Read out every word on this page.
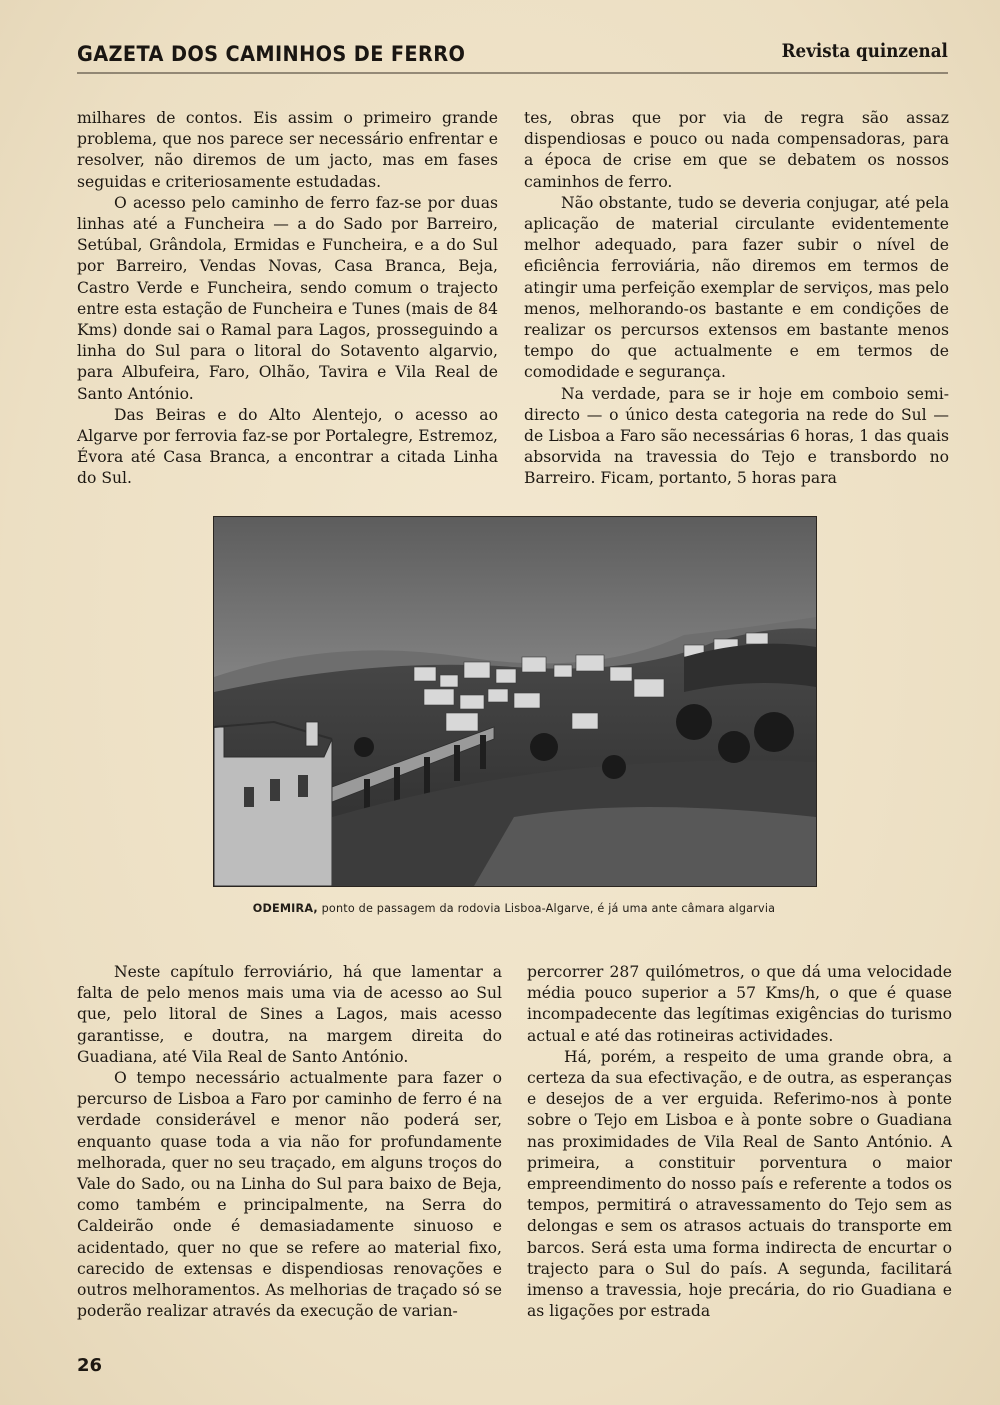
GAZETA DOS CAMINHOS DE FERRO	Revista quinzenal

milhares de contos. Eis assim o primeiro grande problema, que nos parece ser necessário enfrentar e resolver, não diremos de um jacto, mas em fases seguidas e criteriosamente estudadas.

O acesso pelo caminho de ferro faz-se por duas linhas até a Funcheira — a do Sado por Barreiro, Setúbal, Grândola, Ermidas e Funcheira, e a do Sul por Barreiro, Vendas Novas, Casa Branca, Beja, Castro Verde e Funcheira, sendo comum o trajecto entre esta estação de Funcheira e Tunes (mais de 84 Kms) donde sai o Ramal para Lagos, prosseguindo a linha do Sul para o litoral do Sotavento algarvio, para Albufeira, Faro, Olhão, Tavira e Vila Real de Santo António.

Das Beiras e do Alto Alentejo, o acesso ao Algarve por ferrovia faz-se por Portalegre, Estremoz, Évora até Casa Branca, a encontrar a citada Linha do Sul.

tes, obras que por via de regra são assaz dispendiosas e pouco ou nada compensadoras, para a época de crise em que se debatem os nossos caminhos de ferro.

Não obstante, tudo se deveria conjugar, até pela aplicação de material circulante evidentemente melhor adequado, para fazer subir o nível de eficiência ferroviária, não diremos em termos de atingir uma perfeição exemplar de serviços, mas pelo menos, melhorando-os bastante e em condições de realizar os percursos extensos em bastante menos tempo do que actualmente e em termos de comodidade e segurança.

Na verdade, para se ir hoje em comboio semi-directo — o único desta categoria na rede do Sul — de Lisboa a Faro são necessárias 6 horas, 1 das quais absorvida na travessia do Tejo e transbordo no Barreiro. Ficam, portanto, 5 horas para

ODEMIRA, ponto de passagem da rodovia Lisboa-Algarve, é já uma ante câmara algarvia

Neste capítulo ferroviário, há que lamentar a falta de pelo menos mais uma via de acesso ao Sul que, pelo litoral de Sines a Lagos, mais acesso garantisse, e doutra, na margem direita do Guadiana, até Vila Real de Santo António.

O tempo necessário actualmente para fazer o percurso de Lisboa a Faro por caminho de ferro é na verdade considerável e menor não poderá ser, enquanto quase toda a via não for profundamente melhorada, quer no seu traçado, em alguns troços do Vale do Sado, ou na Linha do Sul para baixo de Beja, como também e principalmente, na Serra do Caldeirão onde é demasiadamente sinuoso e acidentado, quer no que se refere ao material fixo, carecido de extensas e dispendiosas renovações e outros melhoramentos. As melhorias de traçado só se poderão realizar através da execução de varian-

percorrer 287 quilómetros, o que dá uma velocidade média pouco superior a 57 Kms/h, o que é quase incompadecente das legítimas exigências do turismo actual e até das rotineiras actividades.

Há, porém, a respeito de uma grande obra, a certeza da sua efectivação, e de outra, as esperanças e desejos de a ver erguida. Referimo-nos à ponte sobre o Tejo em Lisboa e à ponte sobre o Guadiana nas proximidades de Vila Real de Santo António. A primeira, a constituir porventura o maior empreendimento do nosso país e referente a todos os tempos, permitirá o atravessamento do Tejo sem as delongas e sem os atrasos actuais do transporte em barcos. Será esta uma forma indirecta de encurtar o trajecto para o Sul do país. A segunda, facilitará imenso a travessia, hoje precária, do rio Guadiana e as ligações por estrada

26
